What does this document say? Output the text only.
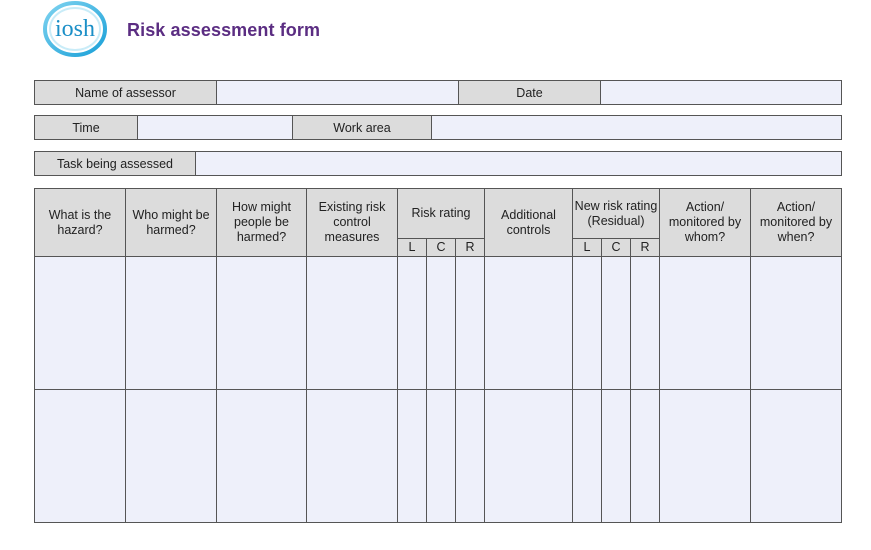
iosh Risk assessment form
Name of assessor	Date
Time	Work area
Task being assessed
What is the hazard?	Who might be harmed?	How might people be harmed?	Existing risk control measures	Risk rating			Additional controls	New risk rating (Residual)			Action/ monitored by whom?	Action/ monitored by when?
				L	C	R		L	C	R		
